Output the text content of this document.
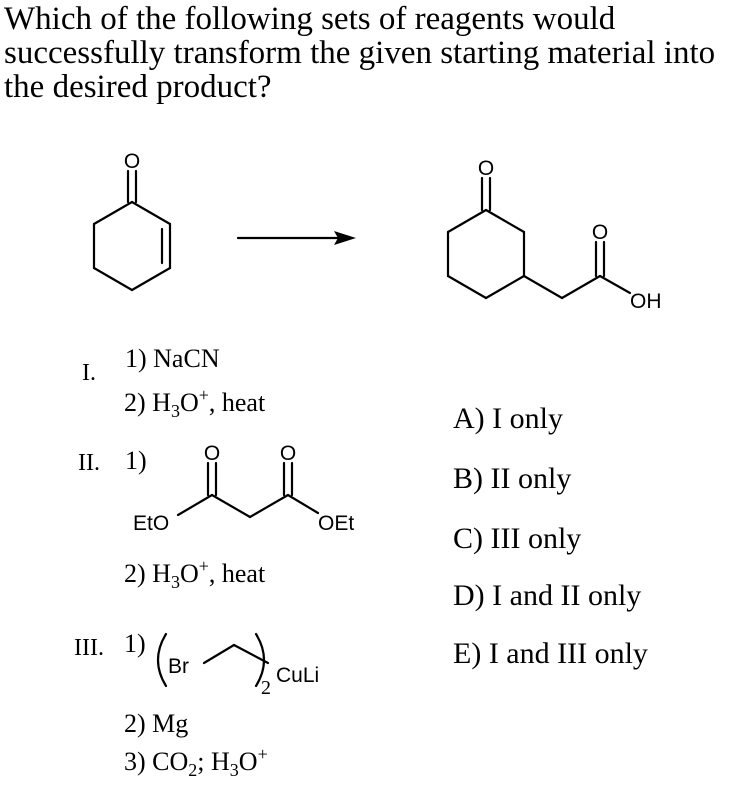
Which of the following sets of reagents would successfully transform the given starting material into the desired product?

O	O
O
OH
O	O
EtO	OEt
Br	CuLi
2
I. 1) NaCN
2) $H_3O^+$, heat
II. 1)
2) $H_3O^+$, heat
III. 1)
2) Mg
3) $CO_2$; $H_3O^+$
A) I only
B) II only
C) III only
D) I and II only
E) I and III only
